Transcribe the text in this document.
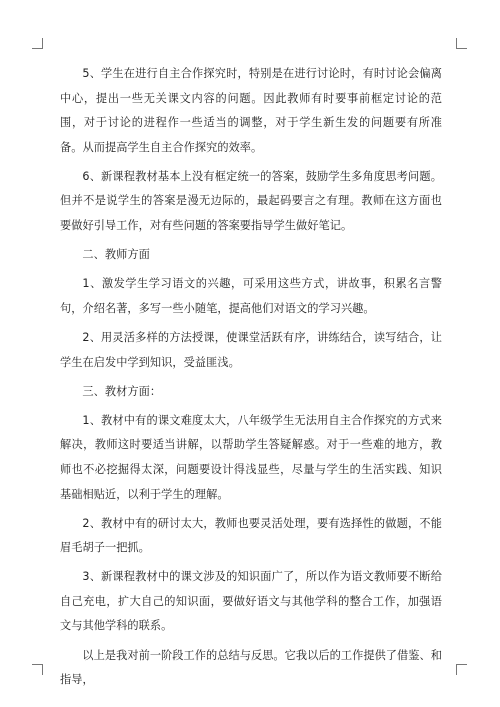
5、学生在进行自主合作探究时，特别是在进行讨论时，有时讨论会偏离中心，提出一些无关课文内容的问题。因此教师有时要事前框定讨论的范围，对于讨论的进程作一些适当的调整，对于学生新生发的问题要有所准备。从而提高学生自主合作探究的效率。

6、新课程教材基本上没有框定统一的答案，鼓励学生多角度思考问题。但并不是说学生的答案是漫无边际的，最起码要言之有理。教师在这方面也要做好引导工作，对有些问题的答案要指导学生做好笔记。

二、教师方面

1、激发学生学习语文的兴趣，可采用这些方式，讲故事，积累名言警句，介绍名著，多写一些小随笔，提高他们对语文的学习兴趣。

2、用灵活多样的方法授课，使课堂活跃有序，讲练结合，读写结合，让学生在启发中学到知识，受益匪浅。

三、教材方面：

1、教材中有的课文难度太大，八年级学生无法用自主合作探究的方式来解决，教师这时要适当讲解，以帮助学生答疑解惑。对于一些难的地方，教师也不必挖掘得太深，问题要设计得浅显些，尽量与学生的生活实践、知识基础相贴近，以利于学生的理解。

2、教材中有的研讨太大，教师也要灵活处理，要有选择性的做题，不能眉毛胡子一把抓。

3、新课程教材中的课文涉及的知识面广了，所以作为语文教师要不断给自己充电，扩大自己的知识面，要做好语文与其他学科的整合工作，加强语文与其他学科的联系。

以上是我对前一阶段工作的总结与反思。它我以后的工作提供了借鉴、和指导，
